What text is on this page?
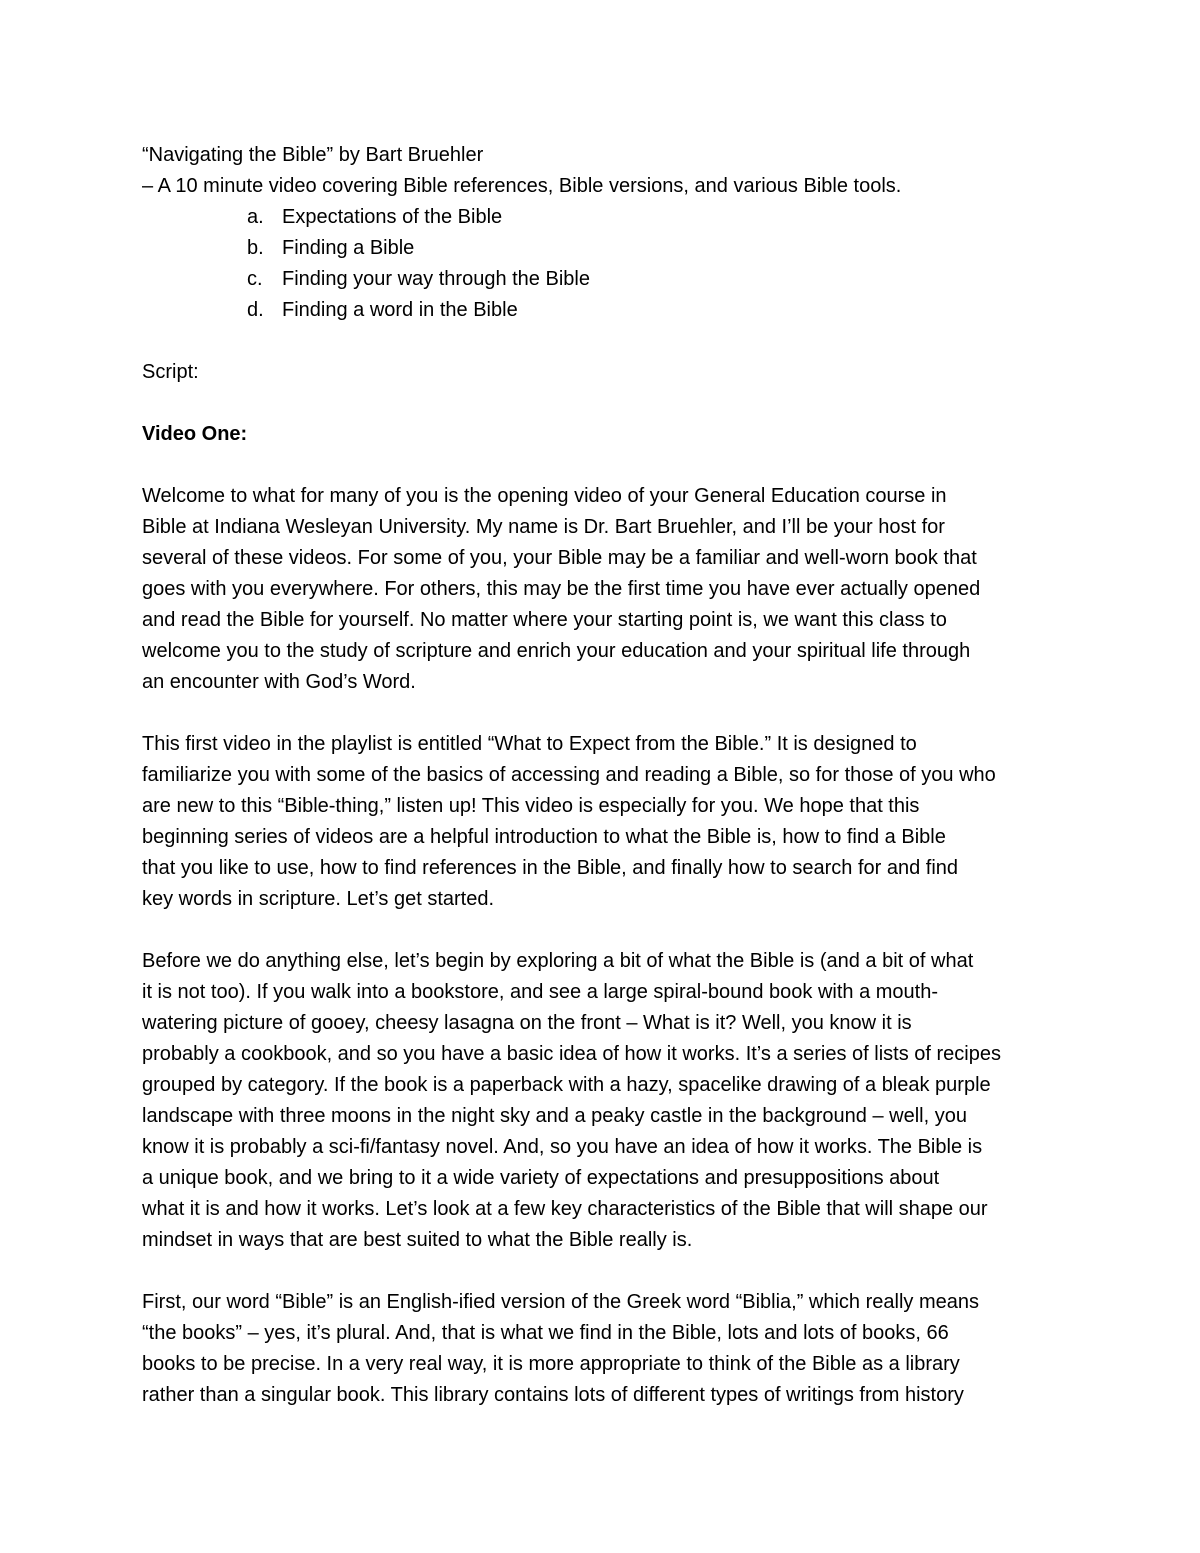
“Navigating the Bible” by Bart Bruehler

– A 10 minute video covering Bible references, Bible versions, and various Bible tools.

a. Expectations of the Bible
b. Finding a Bible
c. Finding your way through the Bible
d. Finding a word in the Bible

Script:

Video One:

Welcome to what for many of you is the opening video of your General Education course in
Bible at Indiana Wesleyan University. My name is Dr. Bart Bruehler, and I’ll be your host for
several of these videos. For some of you, your Bible may be a familiar and well-worn book that
goes with you everywhere. For others, this may be the first time you have ever actually opened
and read the Bible for yourself. No matter where your starting point is, we want this class to
welcome you to the study of scripture and enrich your education and your spiritual life through
an encounter with God’s Word.
This first video in the playlist is entitled “What to Expect from the Bible.” It is designed to
familiarize you with some of the basics of accessing and reading a Bible, so for those of you who
are new to this “Bible-thing,” listen up! This video is especially for you. We hope that this
beginning series of videos are a helpful introduction to what the Bible is, how to find a Bible
that you like to use, how to find references in the Bible, and finally how to search for and find
key words in scripture. Let’s get started.
Before we do anything else, let’s begin by exploring a bit of what the Bible is (and a bit of what
it is not too). If you walk into a bookstore, and see a large spiral-bound book with a mouth-
watering picture of gooey, cheesy lasagna on the front – What is it? Well, you know it is
probably a cookbook, and so you have a basic idea of how it works. It’s a series of lists of recipes
grouped by category. If the book is a paperback with a hazy, spacelike drawing of a bleak purple
landscape with three moons in the night sky and a peaky castle in the background – well, you
know it is probably a sci-fi/fantasy novel. And, so you have an idea of how it works. The Bible is
a unique book, and we bring to it a wide variety of expectations and presuppositions about
what it is and how it works. Let’s look at a few key characteristics of the Bible that will shape our
mindset in ways that are best suited to what the Bible really is.
First, our word “Bible” is an English-ified version of the Greek word “Biblia,” which really means
“the books” – yes, it’s plural. And, that is what we find in the Bible, lots and lots of books, 66
books to be precise. In a very real way, it is more appropriate to think of the Bible as a library
rather than a singular book. This library contains lots of different types of writings from history
